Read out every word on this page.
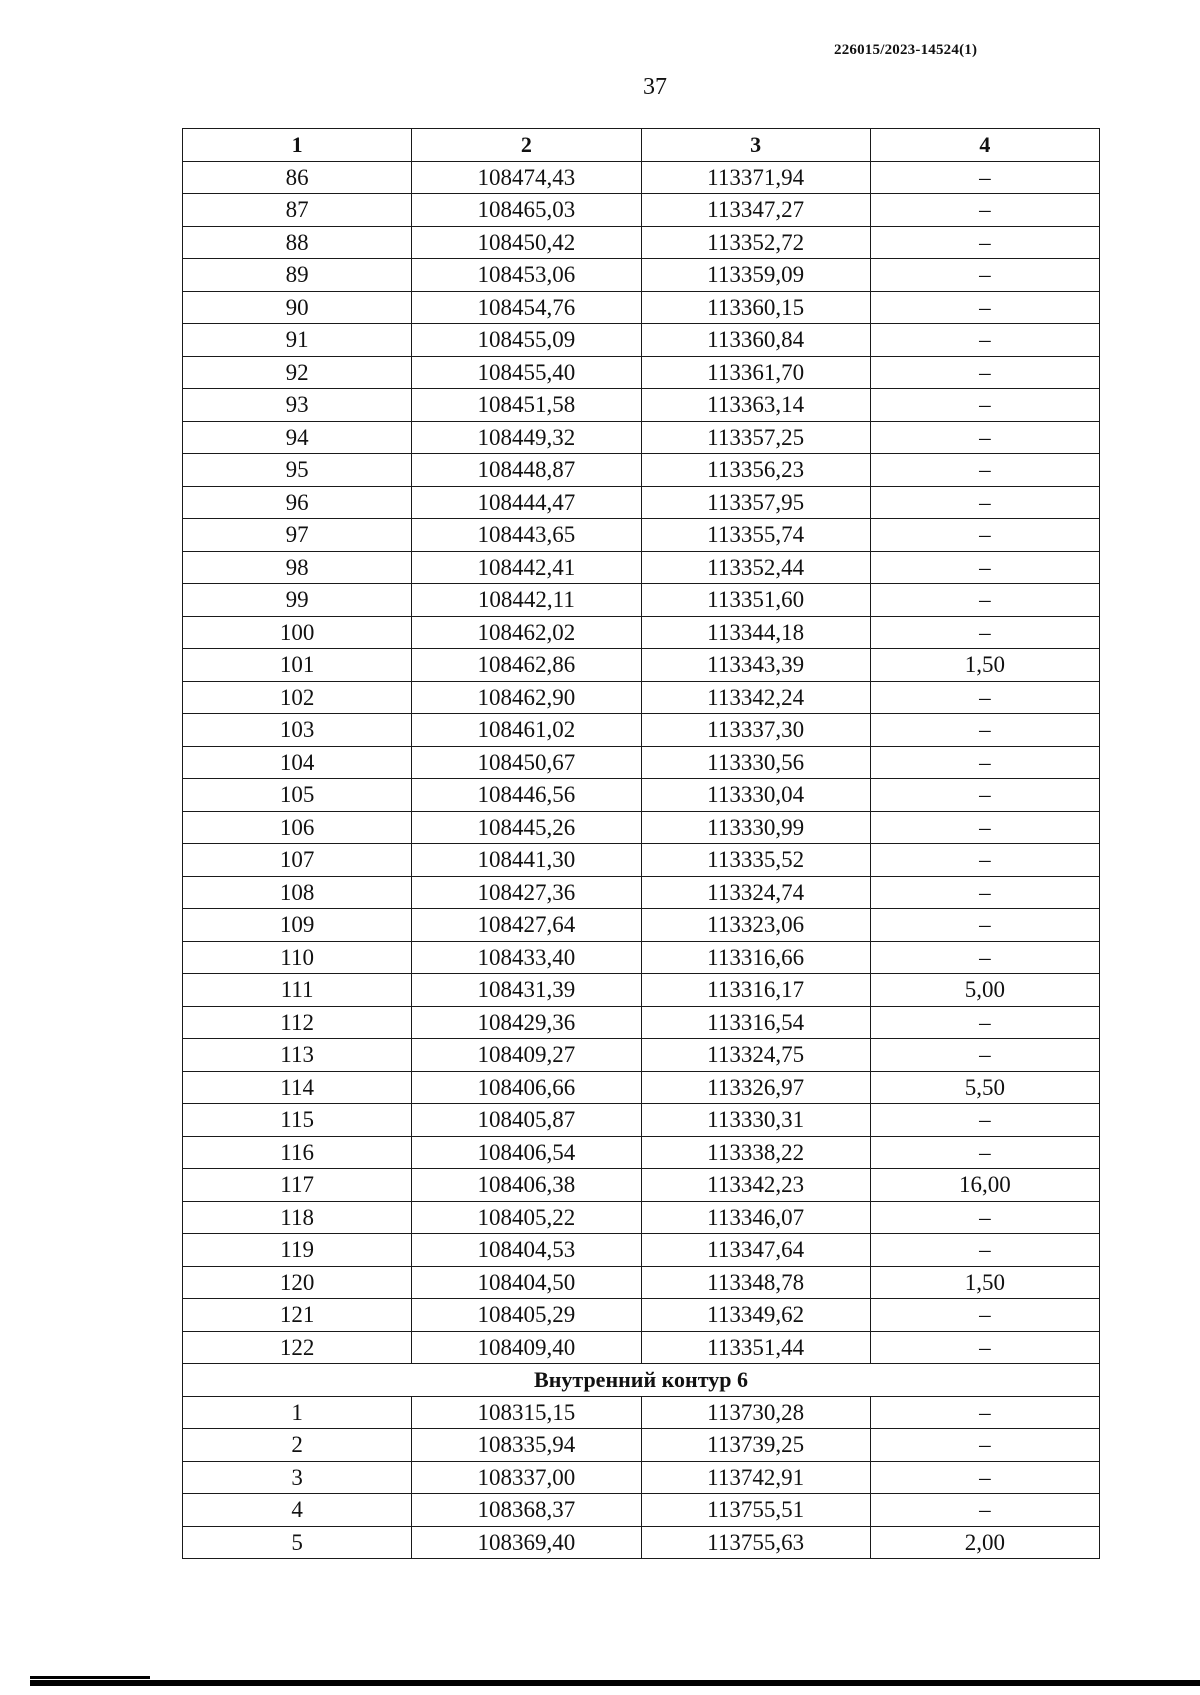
226015/2023-14524(1)
37
1	2	3	4
86	108474,43	113371,94	–
87	108465,03	113347,27	–
88	108450,42	113352,72	–
89	108453,06	113359,09	–
90	108454,76	113360,15	–
91	108455,09	113360,84	–
92	108455,40	113361,70	–
93	108451,58	113363,14	–
94	108449,32	113357,25	–
95	108448,87	113356,23	–
96	108444,47	113357,95	–
97	108443,65	113355,74	–
98	108442,41	113352,44	–
99	108442,11	113351,60	–
100	108462,02	113344,18	–
101	108462,86	113343,39	1,50
102	108462,90	113342,24	–
103	108461,02	113337,30	–
104	108450,67	113330,56	–
105	108446,56	113330,04	–
106	108445,26	113330,99	–
107	108441,30	113335,52	–
108	108427,36	113324,74	–
109	108427,64	113323,06	–
110	108433,40	113316,66	–
111	108431,39	113316,17	5,00
112	108429,36	113316,54	–
113	108409,27	113324,75	–
114	108406,66	113326,97	5,50
115	108405,87	113330,31	–
116	108406,54	113338,22	–
117	108406,38	113342,23	16,00
118	108405,22	113346,07	–
119	108404,53	113347,64	–
120	108404,50	113348,78	1,50
121	108405,29	113349,62	–
122	108409,40	113351,44	–
Внутренний контур 6			
1	108315,15	113730,28	–
2	108335,94	113739,25	–
3	108337,00	113742,91	–
4	108368,37	113755,51	–
5	108369,40	113755,63	2,00
